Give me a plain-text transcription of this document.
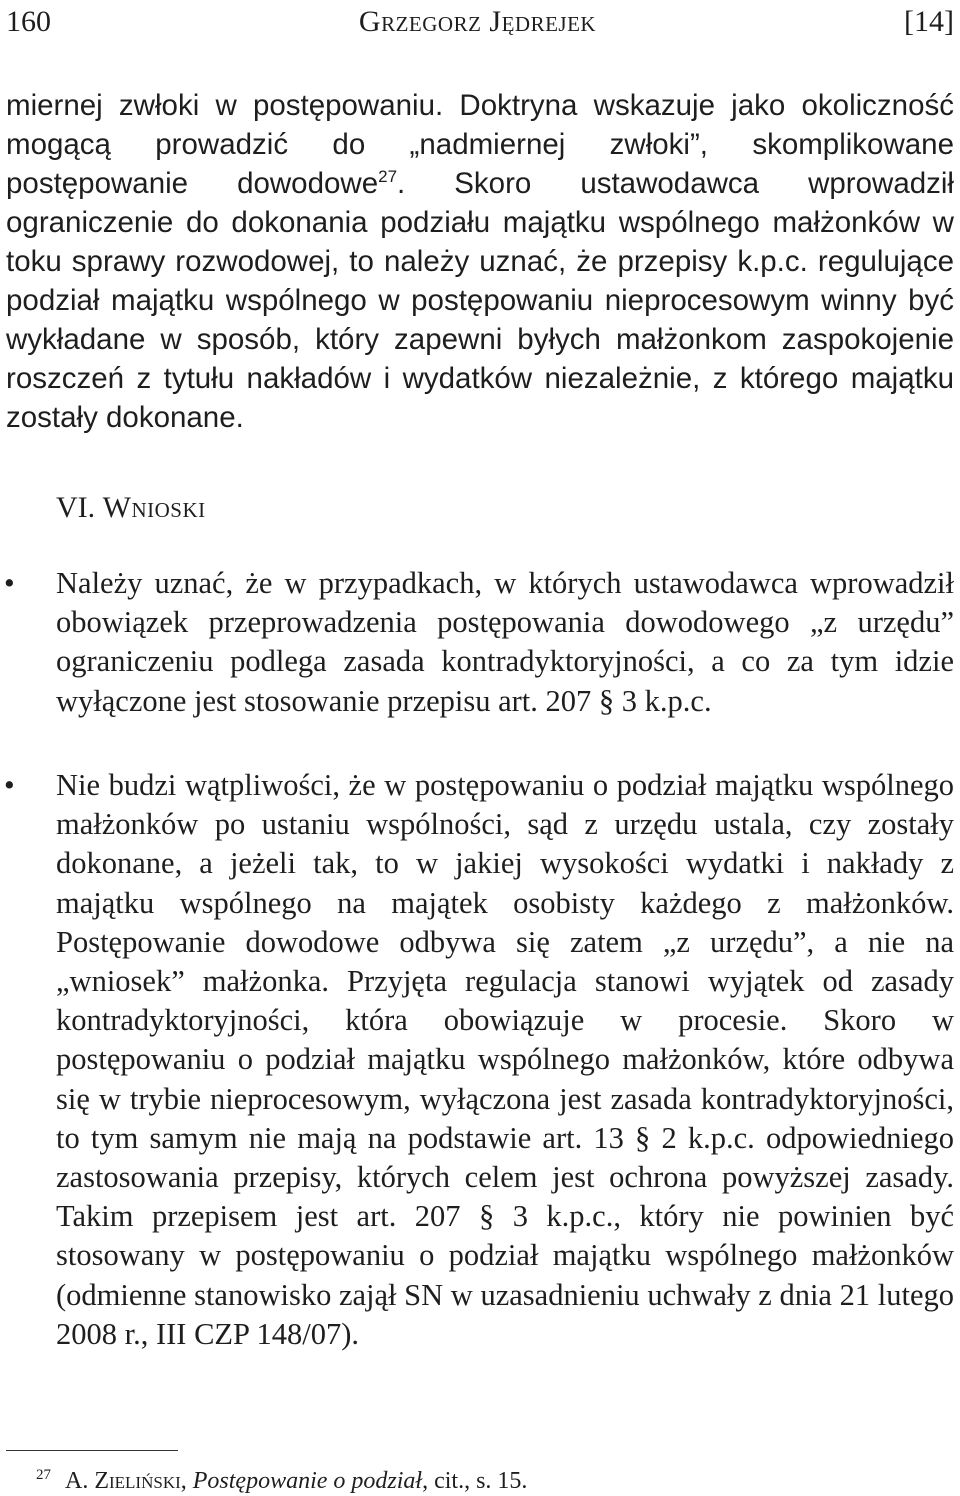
160	Grzegorz Jędrejek	[14]

miernej zwłoki w postępowaniu. Doktryna wskazuje jako okoliczność mogącą prowadzić do „nadmiernej zwłoki”, skomplikowane postępowanie dowodowe$^{27}$. Skoro ustawodawca wprowadził ograniczenie do dokonania podziału majątku wspólnego małżonków w toku sprawy rozwodowej, to należy uznać, że przepisy k.p.c. regulujące podział majątku wspólnego w postępowaniu nieprocesowym winny być wykładane w sposób, który zapewni byłych małżonkom zaspokojenie roszczeń z tytułu nakładów i wydatków niezależnie, z którego majątku zostały dokonane.

VI. Wnioski
•	Należy uznać, że w przypadkach, w których ustawodawca wprowadził obowiązek przeprowadzenia postępowania dowodowego „z urzędu” ograniczeniu podlega zasada kontradyktoryjności, a co za tym idzie wyłączone jest stosowanie przepisu art. 207 § 3 k.p.c.
•	Nie budzi wątpliwości, że w postępowaniu o podział majątku wspólnego małżonków po ustaniu wspólności, sąd z urzędu ustala, czy zostały dokonane, a jeżeli tak, to w jakiej wysokości wydatki i nakłady z majątku wspólnego na majątek osobisty każdego z małżonków. Postępowanie dowodowe odbywa się zatem „z urzędu”, a nie na „wniosek” małżonka. Przyjęta regulacja stanowi wyjątek od zasady kontradyktoryjności, która obowiązuje w procesie. Skoro w postępowaniu o podział majątku wspólnego małżonków, które odbywa się w trybie nieprocesowym, wyłączona jest zasada kontradyktoryjności, to tym samym nie mają na podstawie art. 13 § 2 k.p.c. odpowiedniego zastosowania przepisy, których celem jest ochrona powyższej zasady. Takim przepisem jest art. 207 § 3 k.p.c., który nie powinien być stosowany w postępowaniu o podział majątku wspólnego małżonków (odmienne stanowisko zajął SN w uzasadnieniu uchwały z dnia 21 lutego 2008 r., III CZP 148/07).
$^{27}$ A. Zieliński, Postępowanie o podział, cit., s. 15.
